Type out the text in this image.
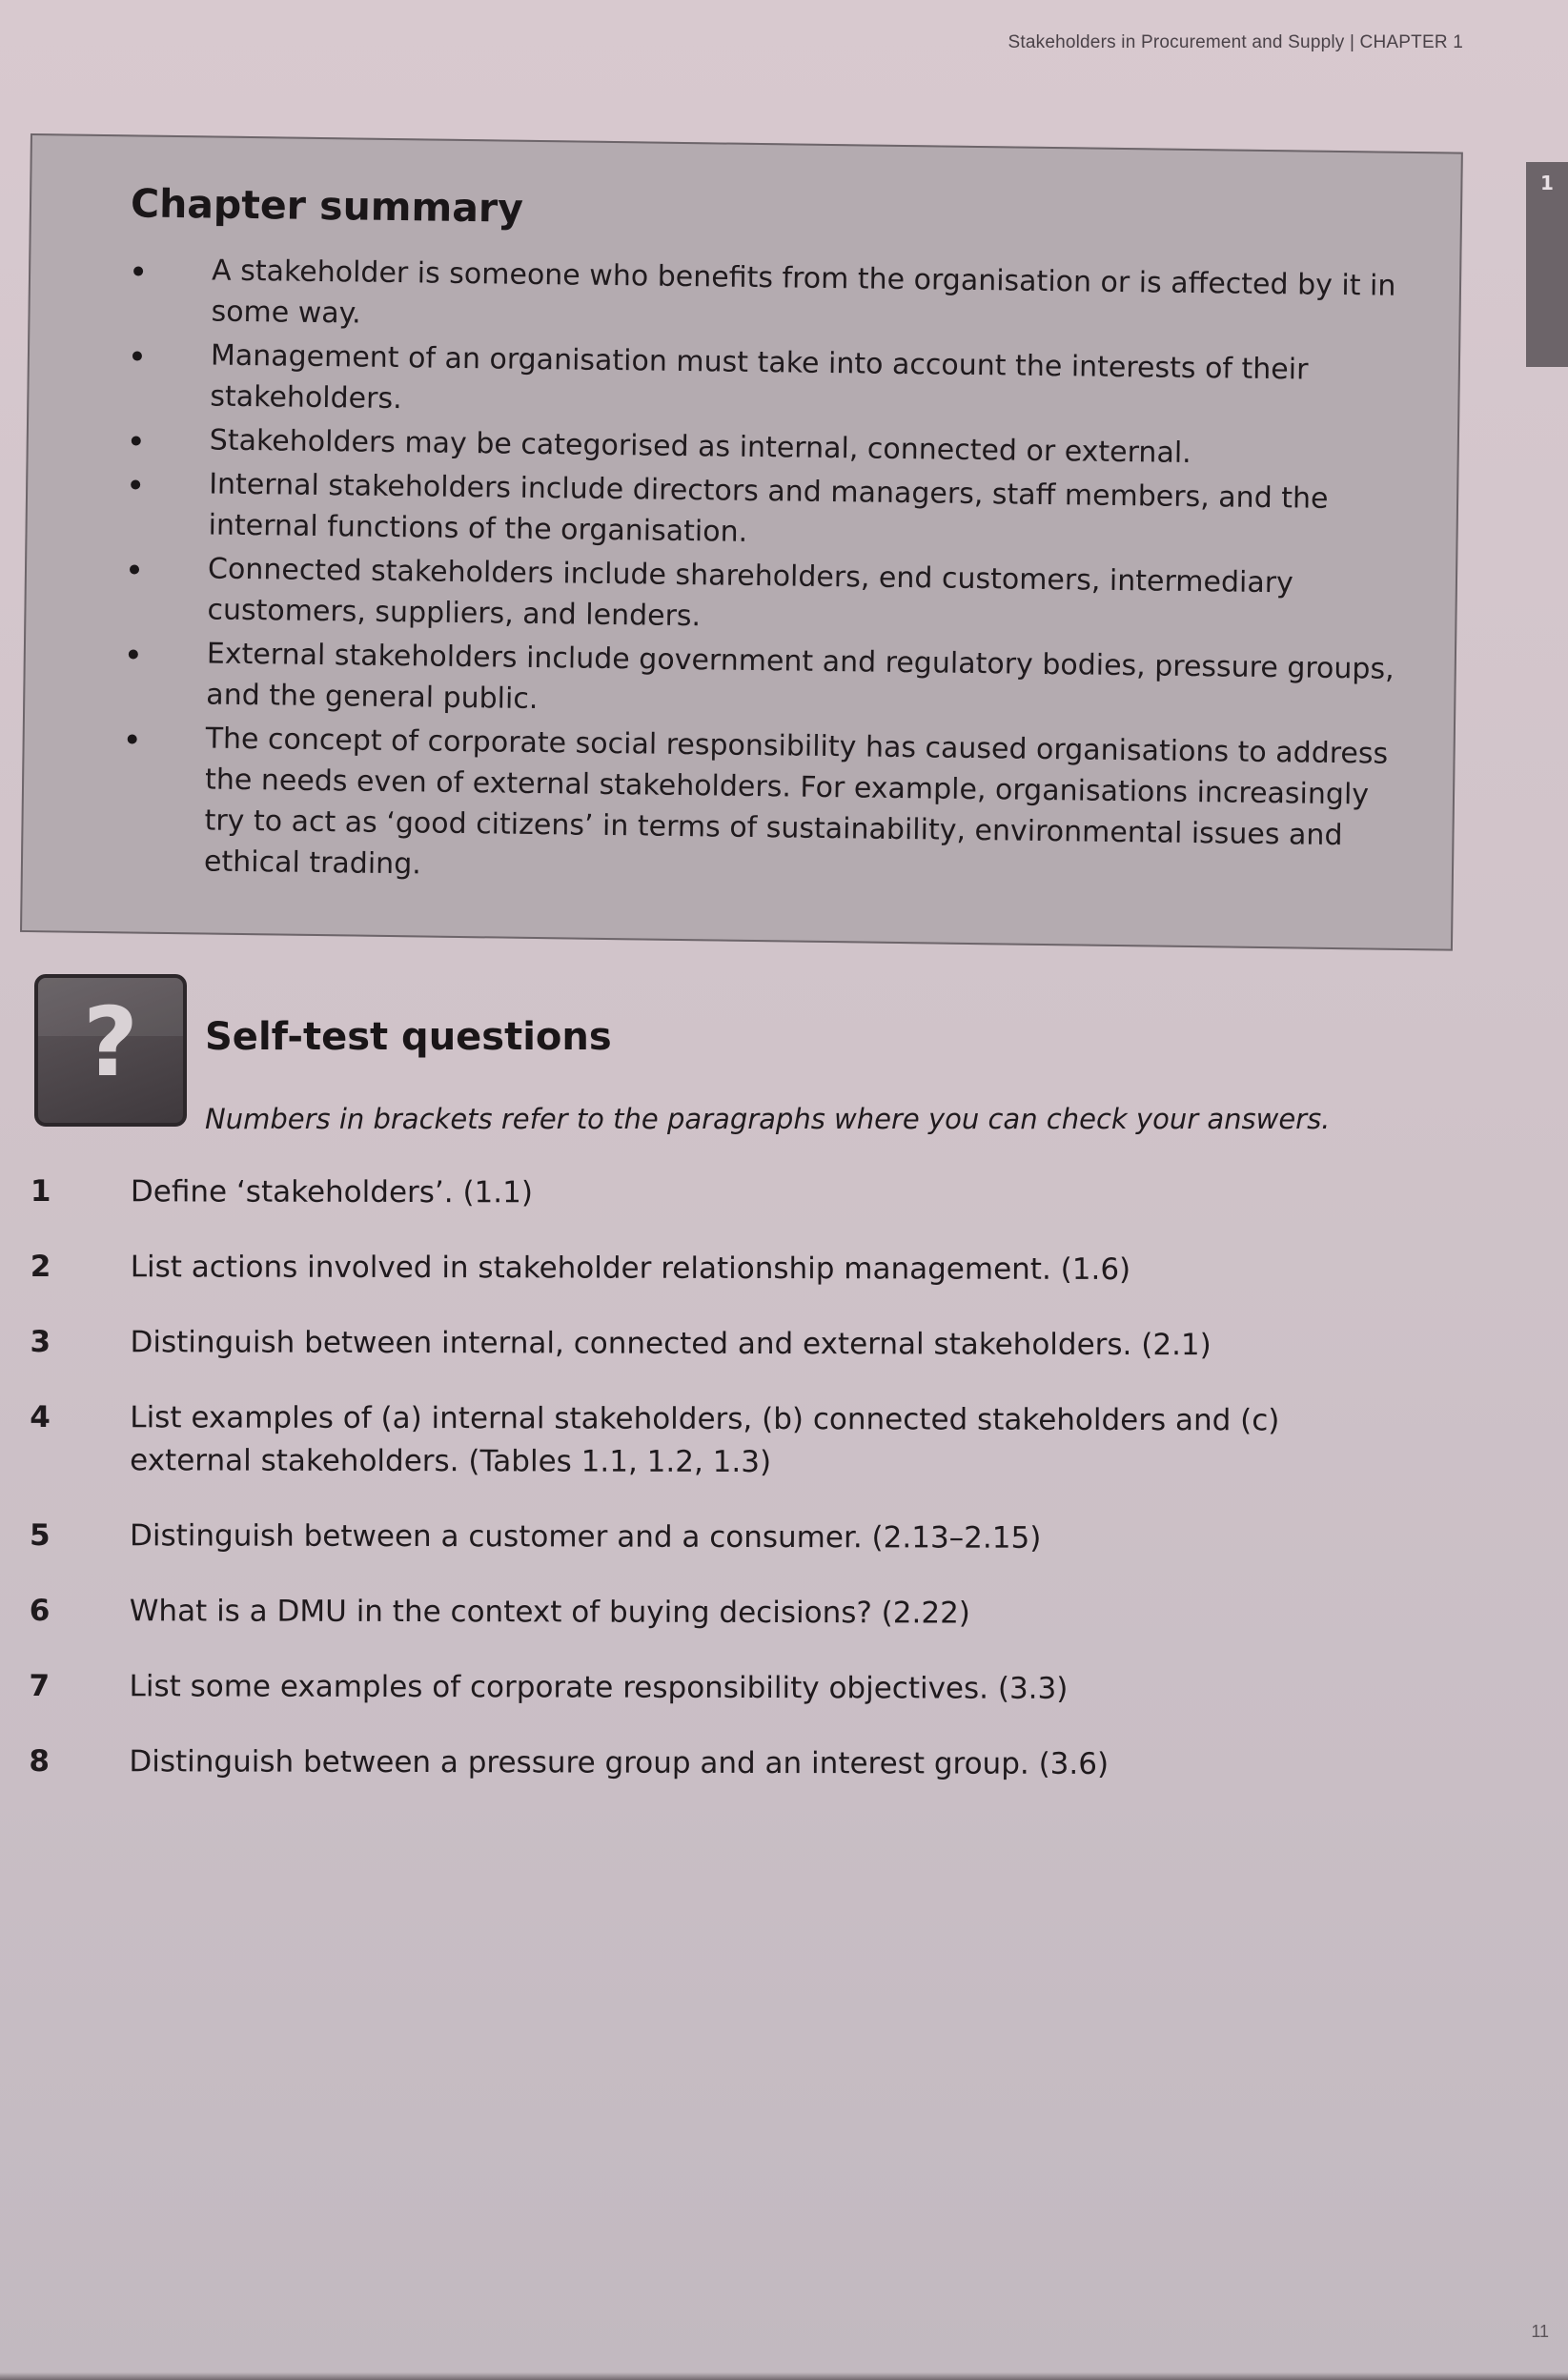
Stakeholders in Procurement and Supply | CHAPTER 1
1
Chapter summary
A stakeholder is someone who benefits from the organisation or is affected by it in some way.
Management of an organisation must take into account the interests of their stakeholders.
Stakeholders may be categorised as internal, connected or external.
Internal stakeholders include directors and managers, staff members, and the internal functions of the organisation.
Connected stakeholders include shareholders, end customers, intermediary customers, suppliers, and lenders.
External stakeholders include government and regulatory bodies, pressure groups, and the general public.
The concept of corporate social responsibility has caused organisations to address the needs even of external stakeholders. For example, organisations increasingly try to act as ‘good citizens’ in terms of sustainability, environmental issues and ethical trading.
?	Self-test questions
Numbers in brackets refer to the paragraphs where you can check your answers.
1	Define ‘stakeholders’. (1.1)
2	List actions involved in stakeholder relationship management. (1.6)
3	Distinguish between internal, connected and external stakeholders. (2.1)
4	List examples of (a) internal stakeholders, (b) connected stakeholders and (c) external stakeholders. (Tables 1.1, 1.2, 1.3)
5	Distinguish between a customer and a consumer. (2.13–2.15)
6	What is a DMU in the context of buying decisions? (2.22)
7	List some examples of corporate responsibility objectives. (3.3)
8	Distinguish between a pressure group and an interest group. (3.6)
11
